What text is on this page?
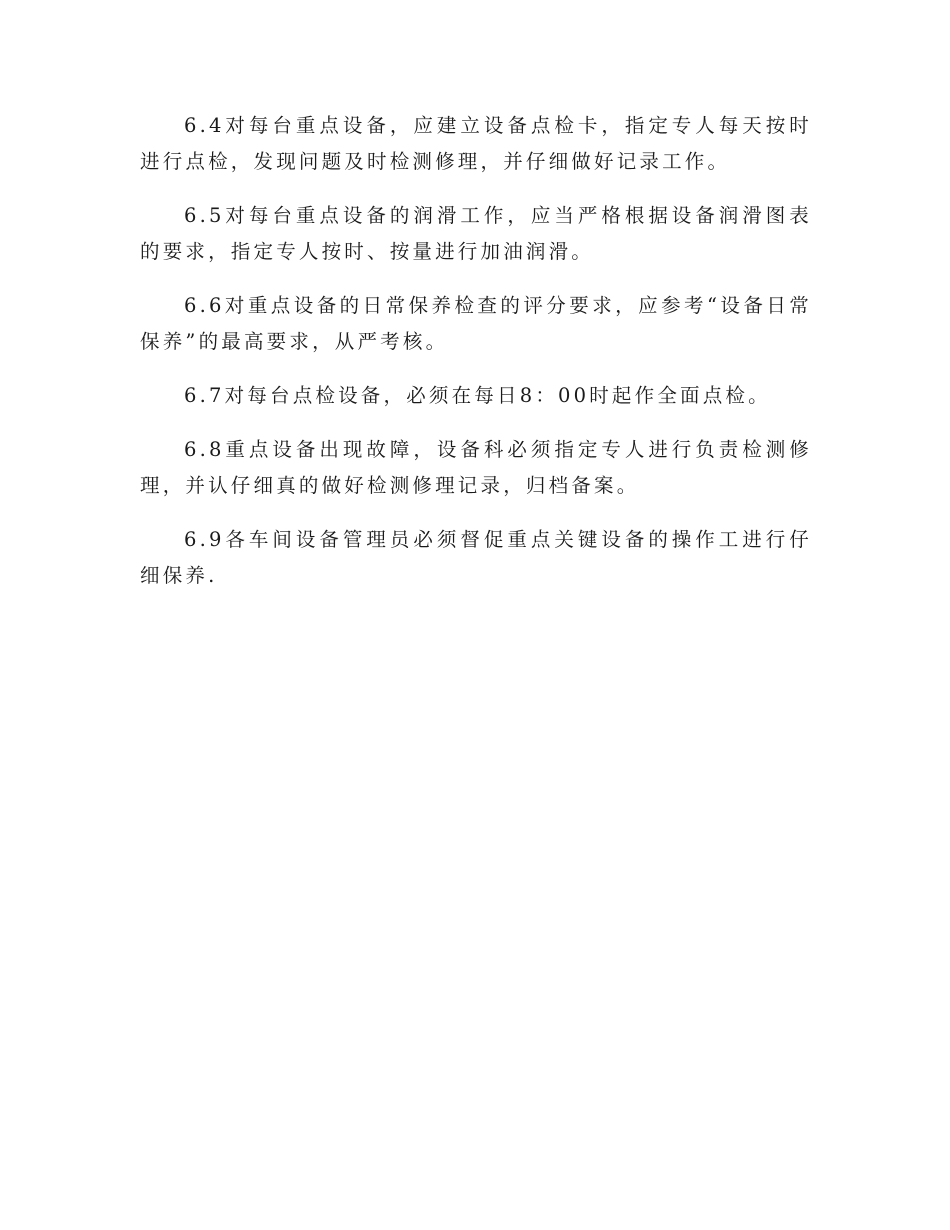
6.4对每台重点设备，应建立设备点检卡，指定专人每天按时进行点检，发现问题及时检测修理，并仔细做好记录工作。

6.5对每台重点设备的润滑工作，应当严格根据设备润滑图表的要求，指定专人按时、按量进行加油润滑。

6.6对重点设备的日常保养检查的评分要求，应参考“设备日常保养”的最高要求，从严考核。

6.7对每台点检设备，必须在每日8：00时起作全面点检。

6.8重点设备出现故障，设备科必须指定专人进行负责检测修理，并认仔细真的做好检测修理记录，归档备案。

6.9各车间设备管理员必须督促重点关键设备的操作工进行仔细保养.
